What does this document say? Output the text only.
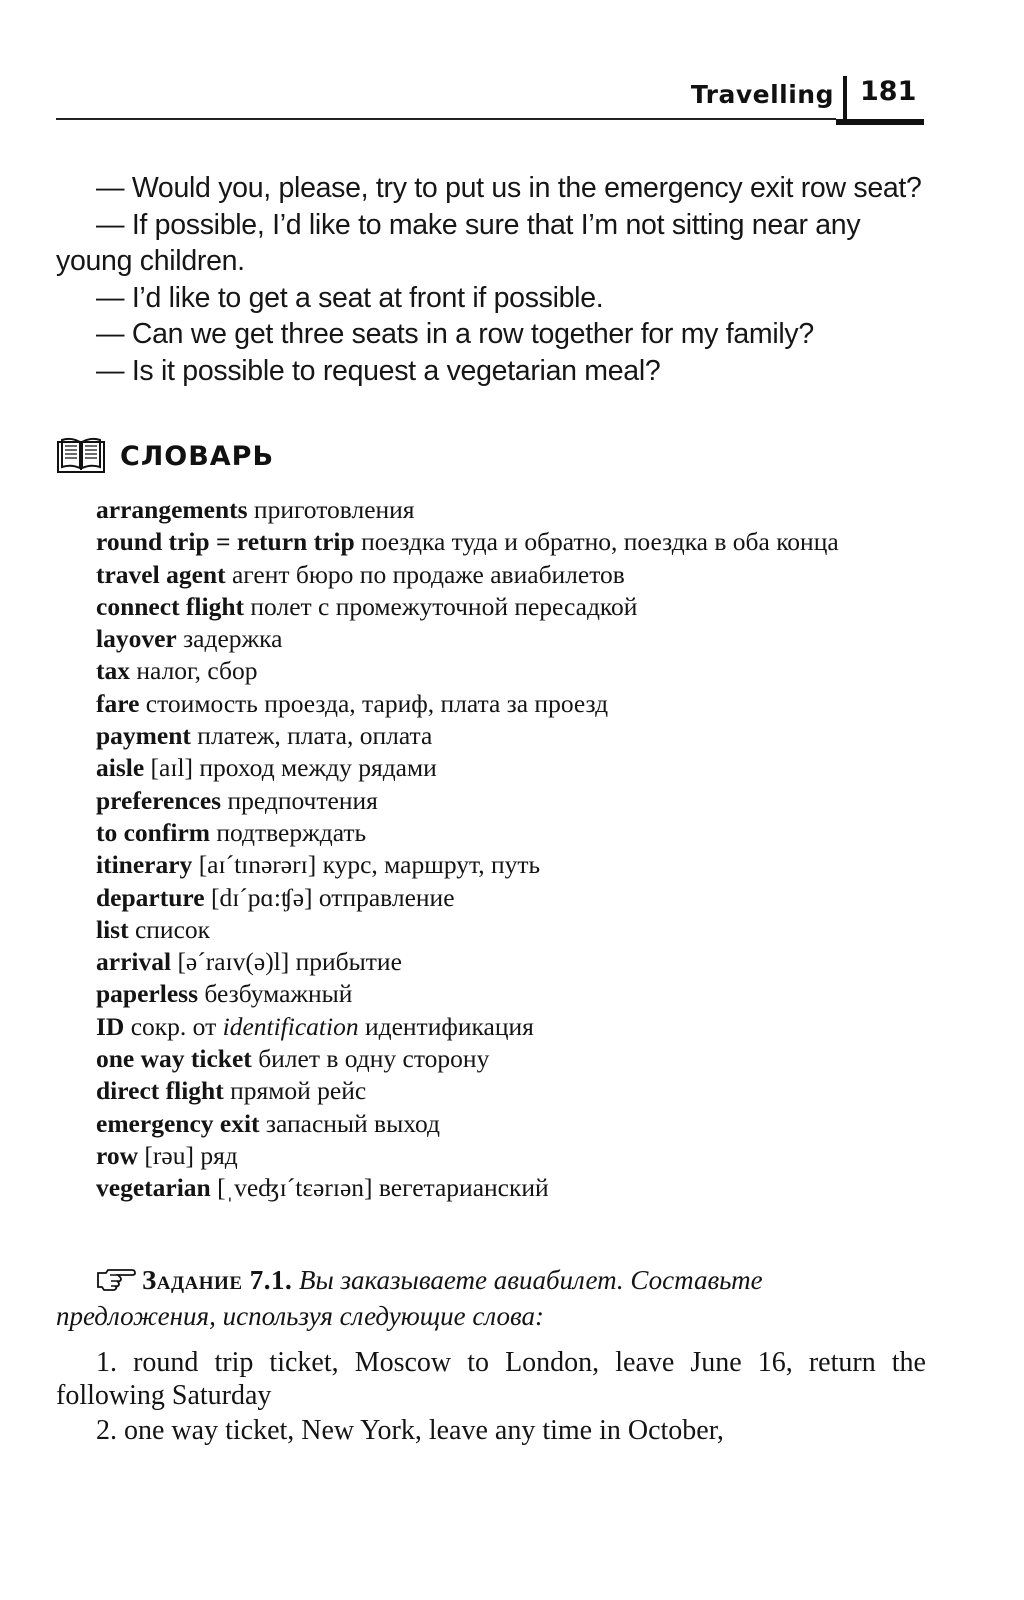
Travelling 181

— Would you, please, try to put us in the emergency exit row seat?

— If possible, I’d like to make sure that I’m not sitting near any young children.

— I’d like to get a seat at front if possible.

— Can we get three seats in a row together for my family?

— Is it possible to request a vegetarian meal?

СЛОВАРЬ

arrangements приготовления

round trip = return trip поездка туда и обратно, поездка в оба конца

travel agent агент бюро по продаже авиабилетов

connect flight полет с промежуточной пересадкой

layover задержка

tax налог, сбор

fare стоимость проезда, тариф, плата за проезд

payment платеж, плата, оплата

aisle [aɪl] проход между рядами

preferences предпочтения

to confirm подтверждать

itinerary [aɪˊtɪnərərɪ] курс, маршрут, путь

departure [dɪˊpɑ:ʧə] отправление

list список

arrival [əˊraɪv(ə)l] прибытие

paperless безбумажный

ID сокр. от identification идентификация

one way ticket билет в одну сторону

direct flight прямой рейс

emergency exit запасный выход

row [rəu] ряд

vegetarian [ˌveʤɪˊtɛərɪən] вегетарианский

Задание 7.1. Вы заказываете авиабилет. Составьте предложения, используя следующие слова:

1. round trip ticket, Moscow to London, leave June 16, return the following Saturday

2. one way ticket, New York, leave any time in October,
